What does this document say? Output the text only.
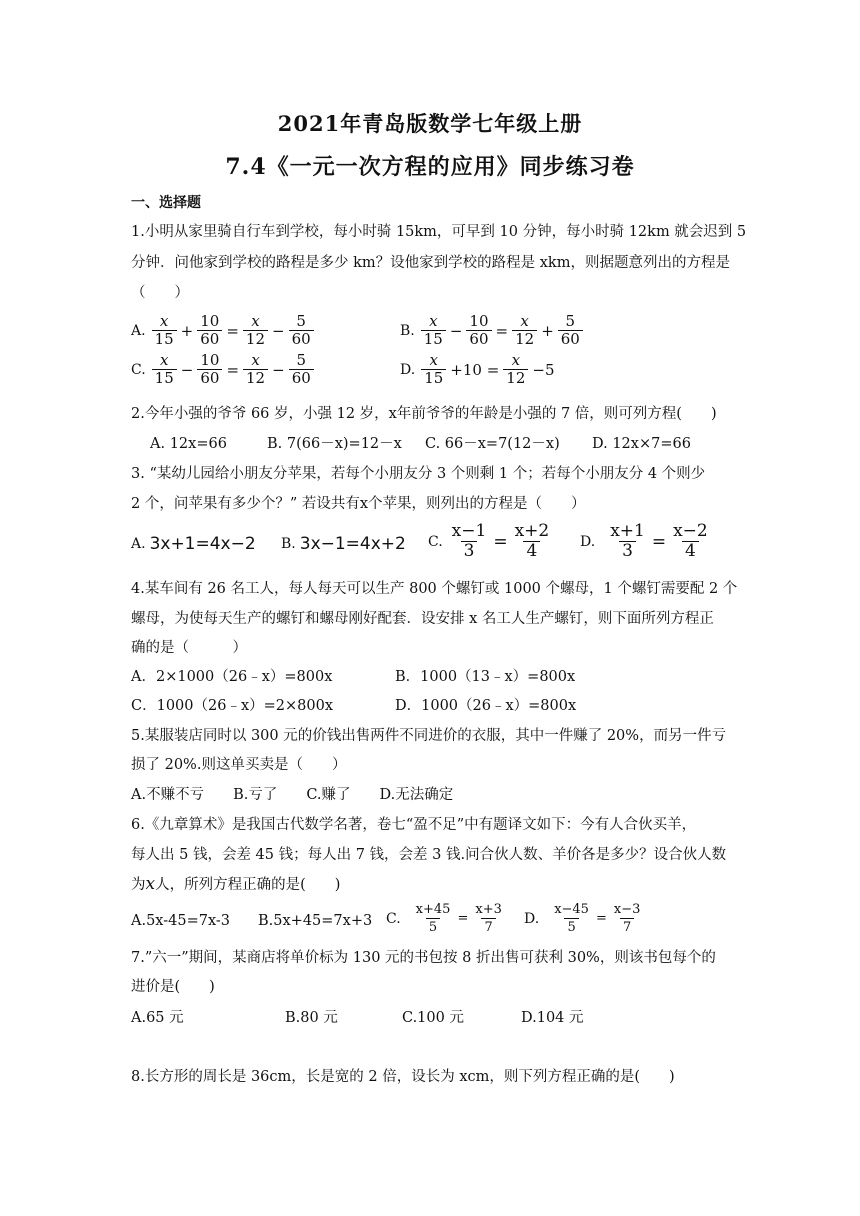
2021年青岛版数学七年级上册
7.4《一元一次方程的应用》同步练习卷
一、选择题
1.小明从家里骑自行车到学校，每小时骑 15km，可早到 10 分钟，每小时骑 12km 就会迟到 5
分钟．问他家到学校的路程是多少 km？设他家到学校的路程是 xkm，则据题意列出的方程是
（　　）
A. $\frac{x}{15} + \frac{10}{60} = \frac{x}{12} - \frac{5}{60}$	B. $\frac{x}{15} - \frac{10}{60} = \frac{x}{12} + \frac{5}{60}$
C. $\frac{x}{15} - \frac{10}{60} = \frac{x}{12} - \frac{5}{60}$	D. $\frac{x}{15} +10 = \frac{x}{12} -5$
2.今年小强的爷爷 66 岁，小强 12 岁，x年前爷爷的年龄是小强的 7 倍，则可列方程(　　)
A. 12x=66	B. 7(66－x)=12－x C. 66－x=7(12－x) D. 12x×7=66
3. “某幼儿园给小朋友分苹果，若每个小朋友分 3 个则剩 1 个；若每个小朋友分 4 个则少
2 个，问苹果有多少个？” 若设共有x个苹果，则列出的方程是（　　）
A. 3x+1=4x−2 B. 3x−1=4x+2 C. $\frac{x-1}{3} = \frac{x+2}{4} D$. $\frac{x+1}{3} = \frac{x-2}{4}$
4.某车间有 26 名工人，每人每天可以生产 800 个螺钉或 1000 个螺母，1 个螺钉需要配 2 个
螺母，为使每天生产的螺钉和螺母刚好配套．设安排 x 名工人生产螺钉，则下面所列方程正
确的是（　　　）
A．2×1000（26﹣x）=800x	B．1000（13﹣x）=800x
C．1000（26﹣x）=2×800x	D．1000（26﹣x）=800x
5.某服装店同时以 300 元的价钱出售两件不同进价的衣服，其中一件赚了 20%，而另一件亏
损了 20%.则这单买卖是（　　）
A.不赚不亏　　B.亏了　　C.赚了　　D.无法确定
6.《九章算术》是我国古代数学名著，卷七“盈不足”中有题译文如下：今有人合伙买羊，
每人出 5 钱，会差 45 钱；每人出 7 钱，会差 3 钱.问合伙人数、羊价各是多少？设合伙人数
为x人，所列方程正确的是(　　)
A.5x-45=7x-3 B.5x+45=7x+3 C. $\frac{x+45}{5} = \frac{x+3}{7} D$. $\frac{x-45}{5} = \frac{x-3}{7}$
7.”六一”期间，某商店将单价标为 130 元的书包按 8 折出售可获利 30%，则该书包每个的
进价是(　　)
A.65 元	B.80 元	C.100 元	D.104 元
8.长方形的周长是 36cm，长是宽的 2 倍，设长为 xcm，则下列方程正确的是(　　)
